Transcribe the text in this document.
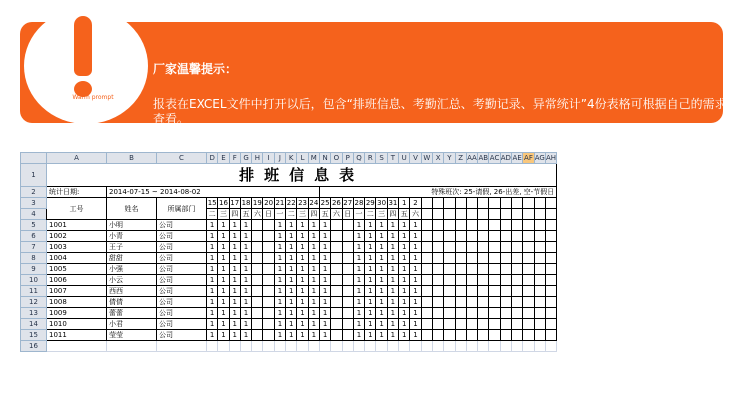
厂家温馨提示：
报表在EXCEL文件中打开以后，包含“排班信息、考勤汇总、考勤记录、异常统计”4份表格可根据自己的需求查看。
Warm prompt
	A	B	C	D	E	F	G	H	I	J	K	L	M	N	O	P	Q	R	S	T	U	V	W	X	Y	Z	AA	AB	AC	AD	AE	AF	AG	AH
1	排班信息表																																	
2	统计日期:	2014-07-15 ~ 2014-08-02												特殊班次: 25-请假, 26-出差, 空-节假日																				
3	工号	姓名	所属部门	15	16	17	18	19	20	21	22	23	24	25	26	27	28	29	30	31	1	2												
4				二	三	四	五	六	日	一	二	三	四	五	六	日	一	二	三	四	五	六												
5	1001	小明	公司	1	1	1	1			1	1	1	1	1			1	1	1	1	1	1												
6	1002	小青	公司	1	1	1	1			1	1	1	1	1			1	1	1	1	1	1												
7	1003	王子	公司	1	1	1	1			1	1	1	1	1			1	1	1	1	1	1												
8	1004	甜甜	公司	1	1	1	1			1	1	1	1	1			1	1	1	1	1	1												
9	1005	小强	公司	1	1	1	1			1	1	1	1	1			1	1	1	1	1	1												
10	1006	小云	公司	1	1	1	1			1	1	1	1	1			1	1	1	1	1	1												
11	1007	西西	公司	1	1	1	1			1	1	1	1	1			1	1	1	1	1	1												
12	1008	倩倩	公司	1	1	1	1			1	1	1	1	1			1	1	1	1	1	1												
13	1009	蕾蕾	公司	1	1	1	1			1	1	1	1	1			1	1	1	1	1	1												
14	1010	小君	公司	1	1	1	1			1	1	1	1	1			1	1	1	1	1	1												
15	1011	莹莹	公司	1	1	1	1			1	1	1	1	1			1	1	1	1	1	1												
16																																		
